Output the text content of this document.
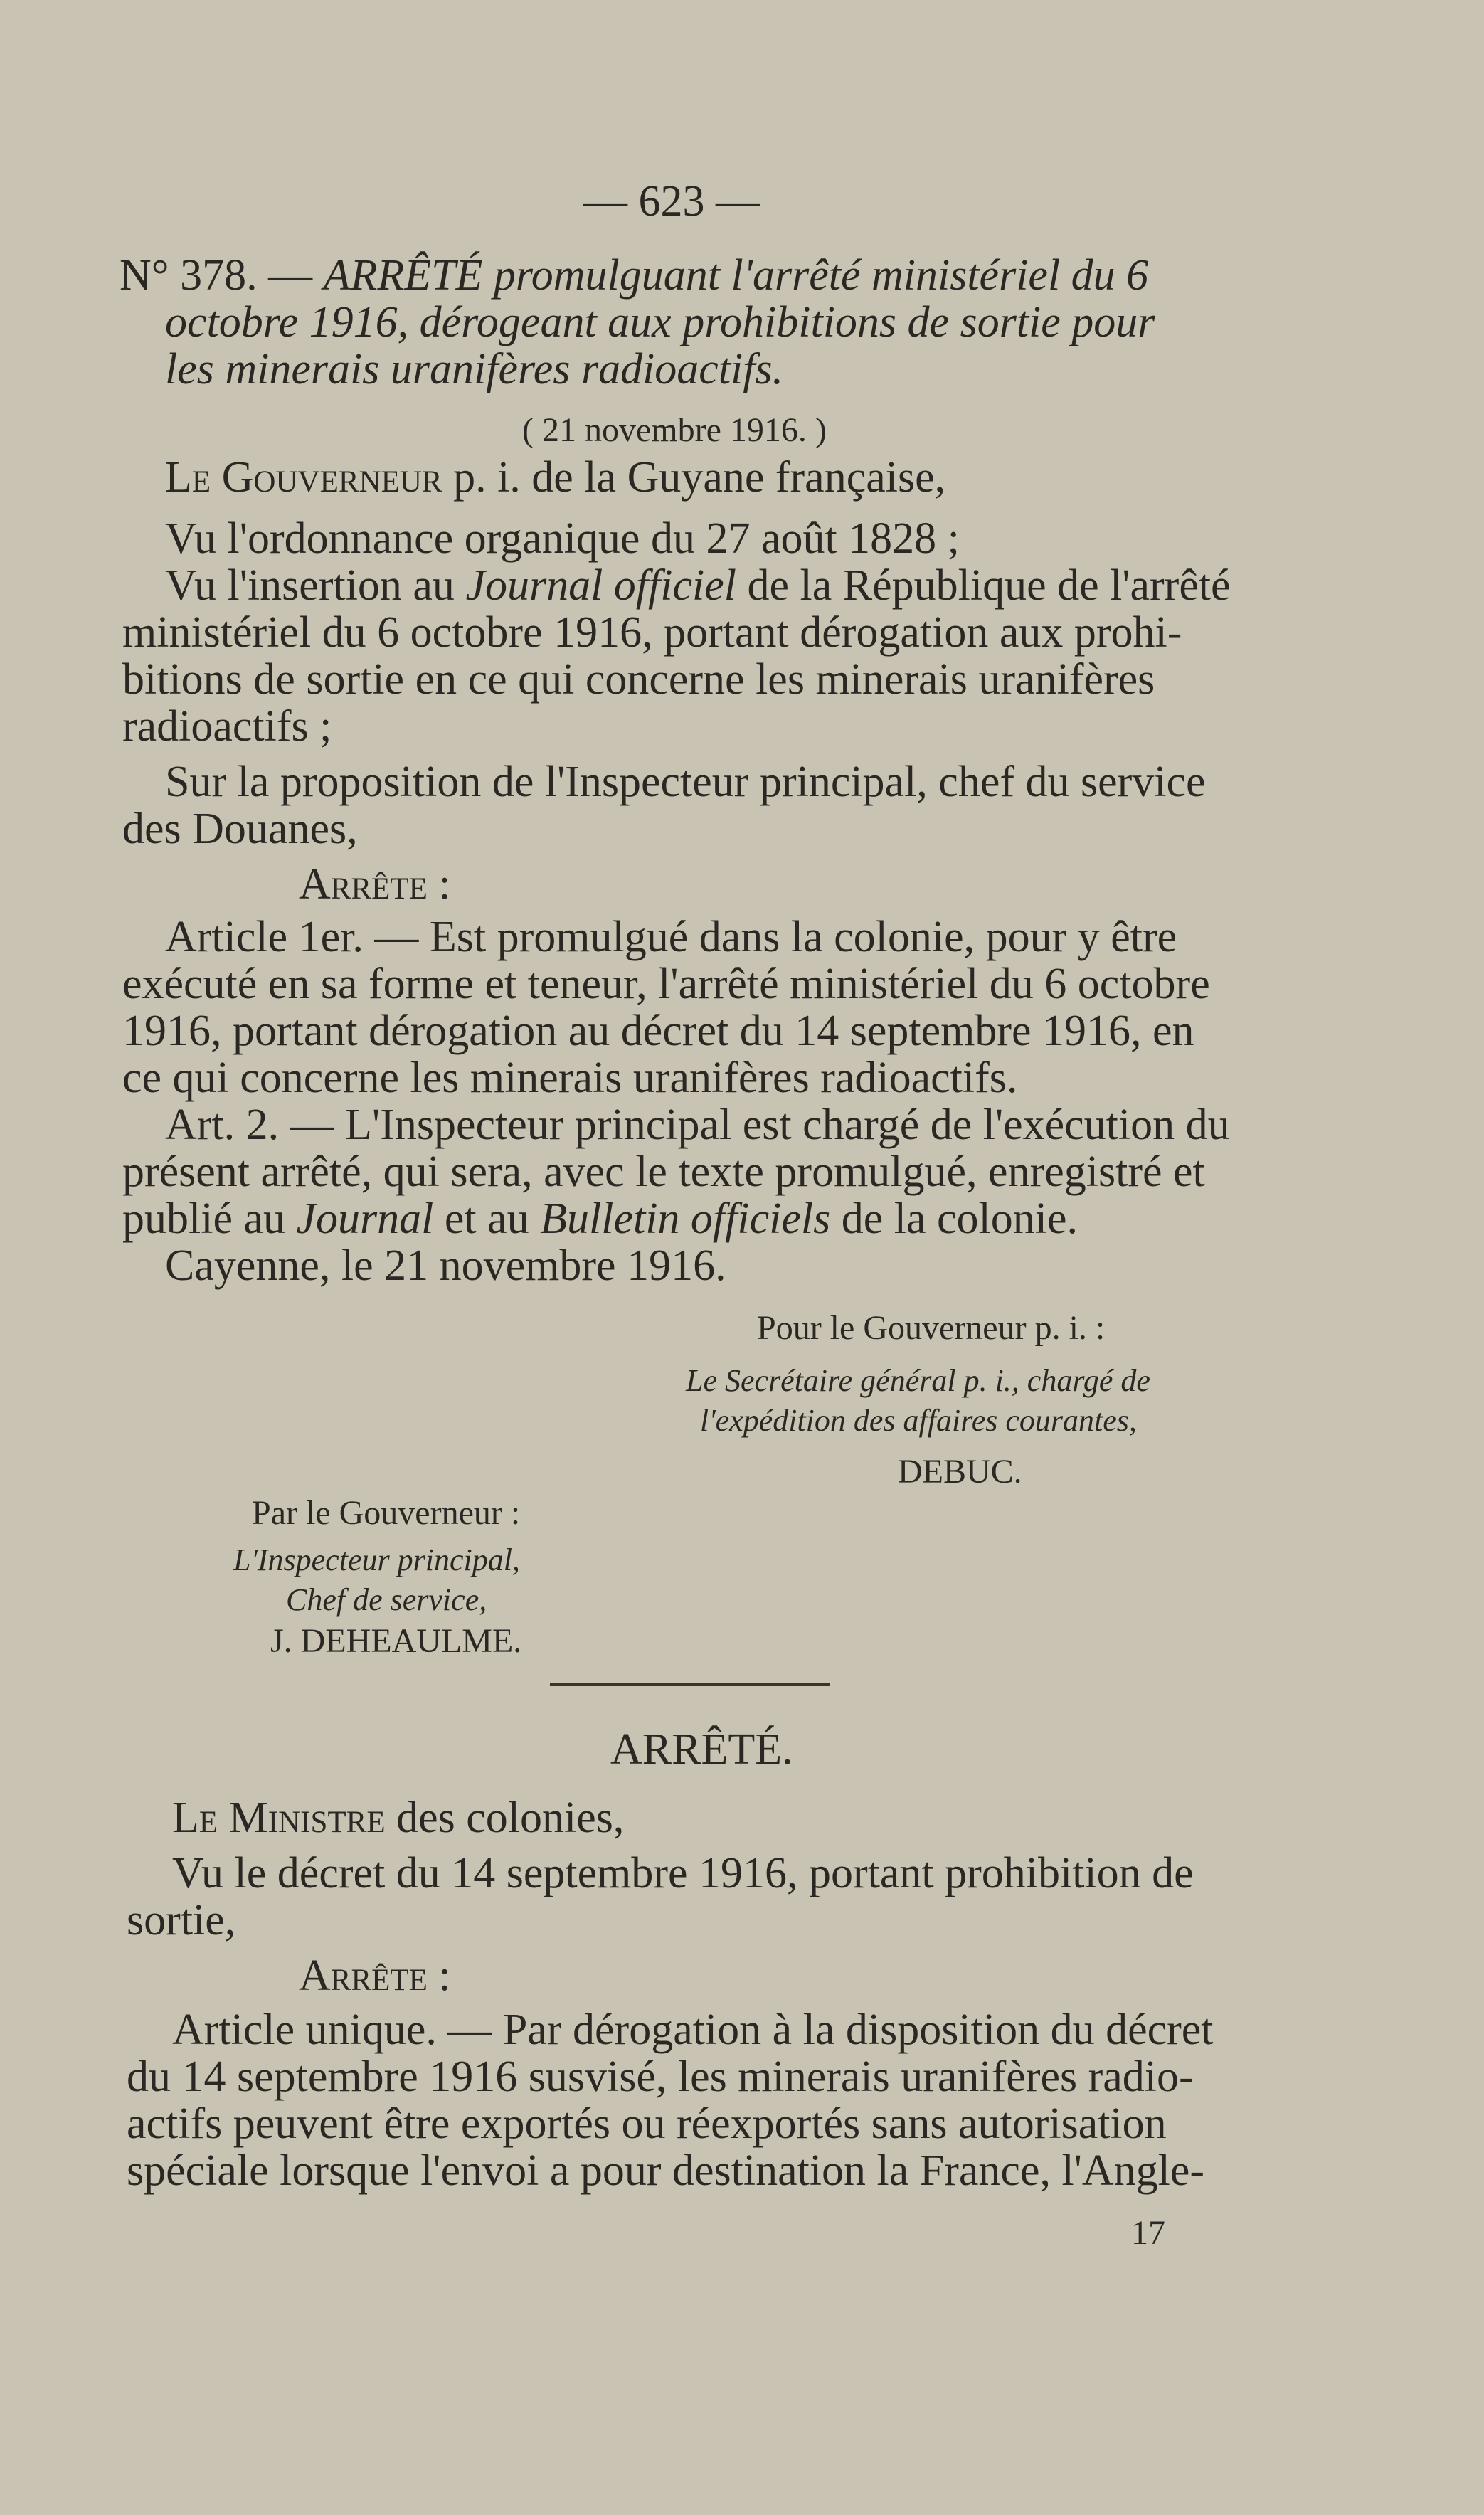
— 623 —
N° 378. — ARRÊTÉ promulguant l'arrêté ministériel du 6
octobre 1916, dérogeant aux prohibitions de sortie pour
les minerais uranifères radioactifs.
( 21 novembre 1916. )
Le Gouverneur p. i. de la Guyane française,
Vu l'ordonnance organique du 27 août 1828 ;
Vu l'insertion au Journal officiel de la République de l'arrêté
ministériel du 6 octobre 1916, portant dérogation aux prohi-
bitions de sortie en ce qui concerne les minerais uranifères
radioactifs ;
Sur la proposition de l'Inspecteur principal, chef du service
des Douanes,
Arrête :
Article 1er. — Est promulgué dans la colonie, pour y être
exécuté en sa forme et teneur, l'arrêté ministériel du 6 octobre
1916, portant dérogation au décret du 14 septembre 1916, en
ce qui concerne les minerais uranifères radioactifs.
Art. 2. — L'Inspecteur principal est chargé de l'exécution du
présent arrêté, qui sera, avec le texte promulgué, enregistré et
publié au Journal et au Bulletin officiels de la colonie.
Cayenne, le 21 novembre 1916.
Pour le Gouverneur p. i. :
Le Secrétaire général p. i., chargé de
l'expédition des affaires courantes,
DEBUC.
Par le Gouverneur :
L'Inspecteur principal,
Chef de service,
J. DEHEAULME.
ARRÊTÉ.
Le Ministre des colonies,
Vu le décret du 14 septembre 1916, portant prohibition de
sortie,
Arrête :
Article unique. — Par dérogation à la disposition du décret
du 14 septembre 1916 susvisé, les minerais uranifères radio-
actifs peuvent être exportés ou réexportés sans autorisation
spéciale lorsque l'envoi a pour destination la France, l'Angle-
17
